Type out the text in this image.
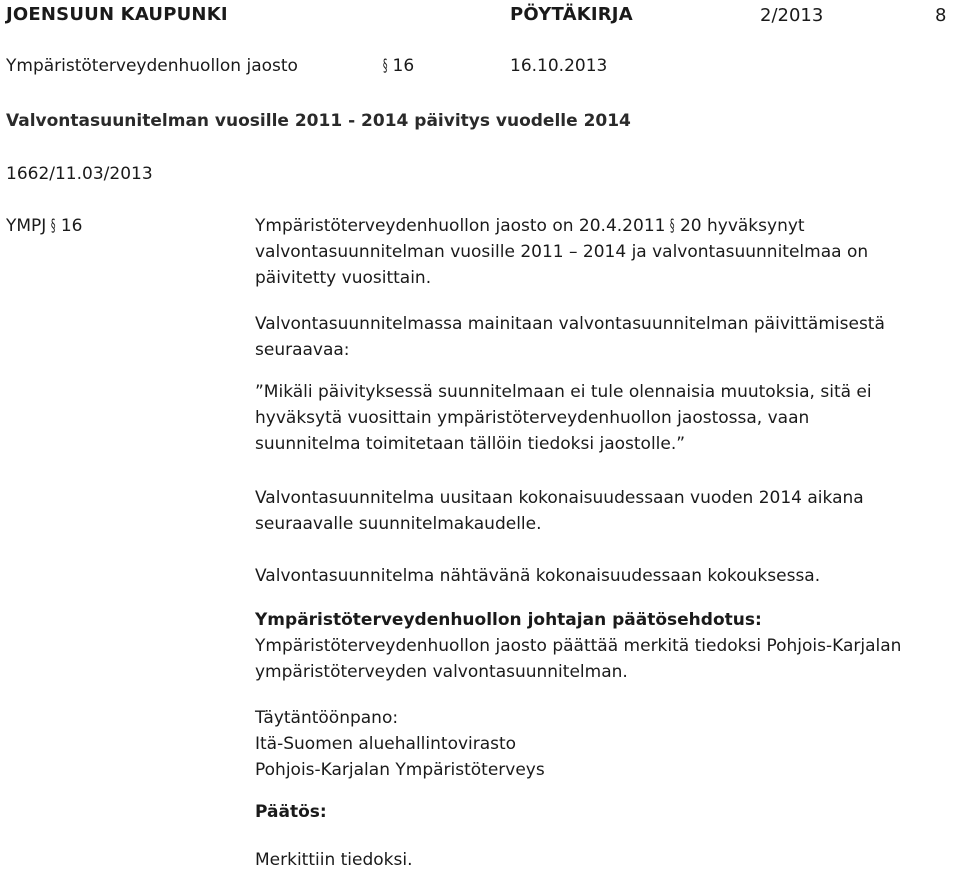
JOENSUUN KAUPUNKI	PÖYTÄKIRJA	2/2013	8
Ympäristöterveydenhuollon jaosto	§ 16	16.10.2013
Valvontasuunitelman vuosille 2011 - 2014 päivitys vuodelle 2014
1662/11.03/2013
YMPJ § 16	Ympäristöterveydenhuollon jaosto on 20.4.2011 § 20 hyväksynyt
valvontasuunnitelman vuosille 2011 – 2014 ja valvontasuunnitelmaa on
päivitetty vuosittain.
Valvontasuunnitelmassa mainitaan valvontasuunnitelman päivittämisestä
seuraavaa:
”Mikäli päivityksessä suunnitelmaan ei tule olennaisia muutoksia, sitä ei
hyväksytä vuosittain ympäristöterveydenhuollon jaostossa, vaan
suunnitelma toimitetaan tällöin tiedoksi jaostolle.”
Valvontasuunnitelma uusitaan kokonaisuudessaan vuoden 2014 aikana
seuraavalle suunnitelmakaudelle.
Valvontasuunnitelma nähtävänä kokonaisuudessaan kokouksessa.
Ympäristöterveydenhuollon johtajan päätösehdotus:
Ympäristöterveydenhuollon jaosto päättää merkitä tiedoksi Pohjois-Karjalan
ympäristöterveyden valvontasuunnitelman.
Täytäntöönpano:
Itä-Suomen aluehallintovirasto
Pohjois-Karjalan Ympäristöterveys
Päätös:
Merkittiin tiedoksi.
